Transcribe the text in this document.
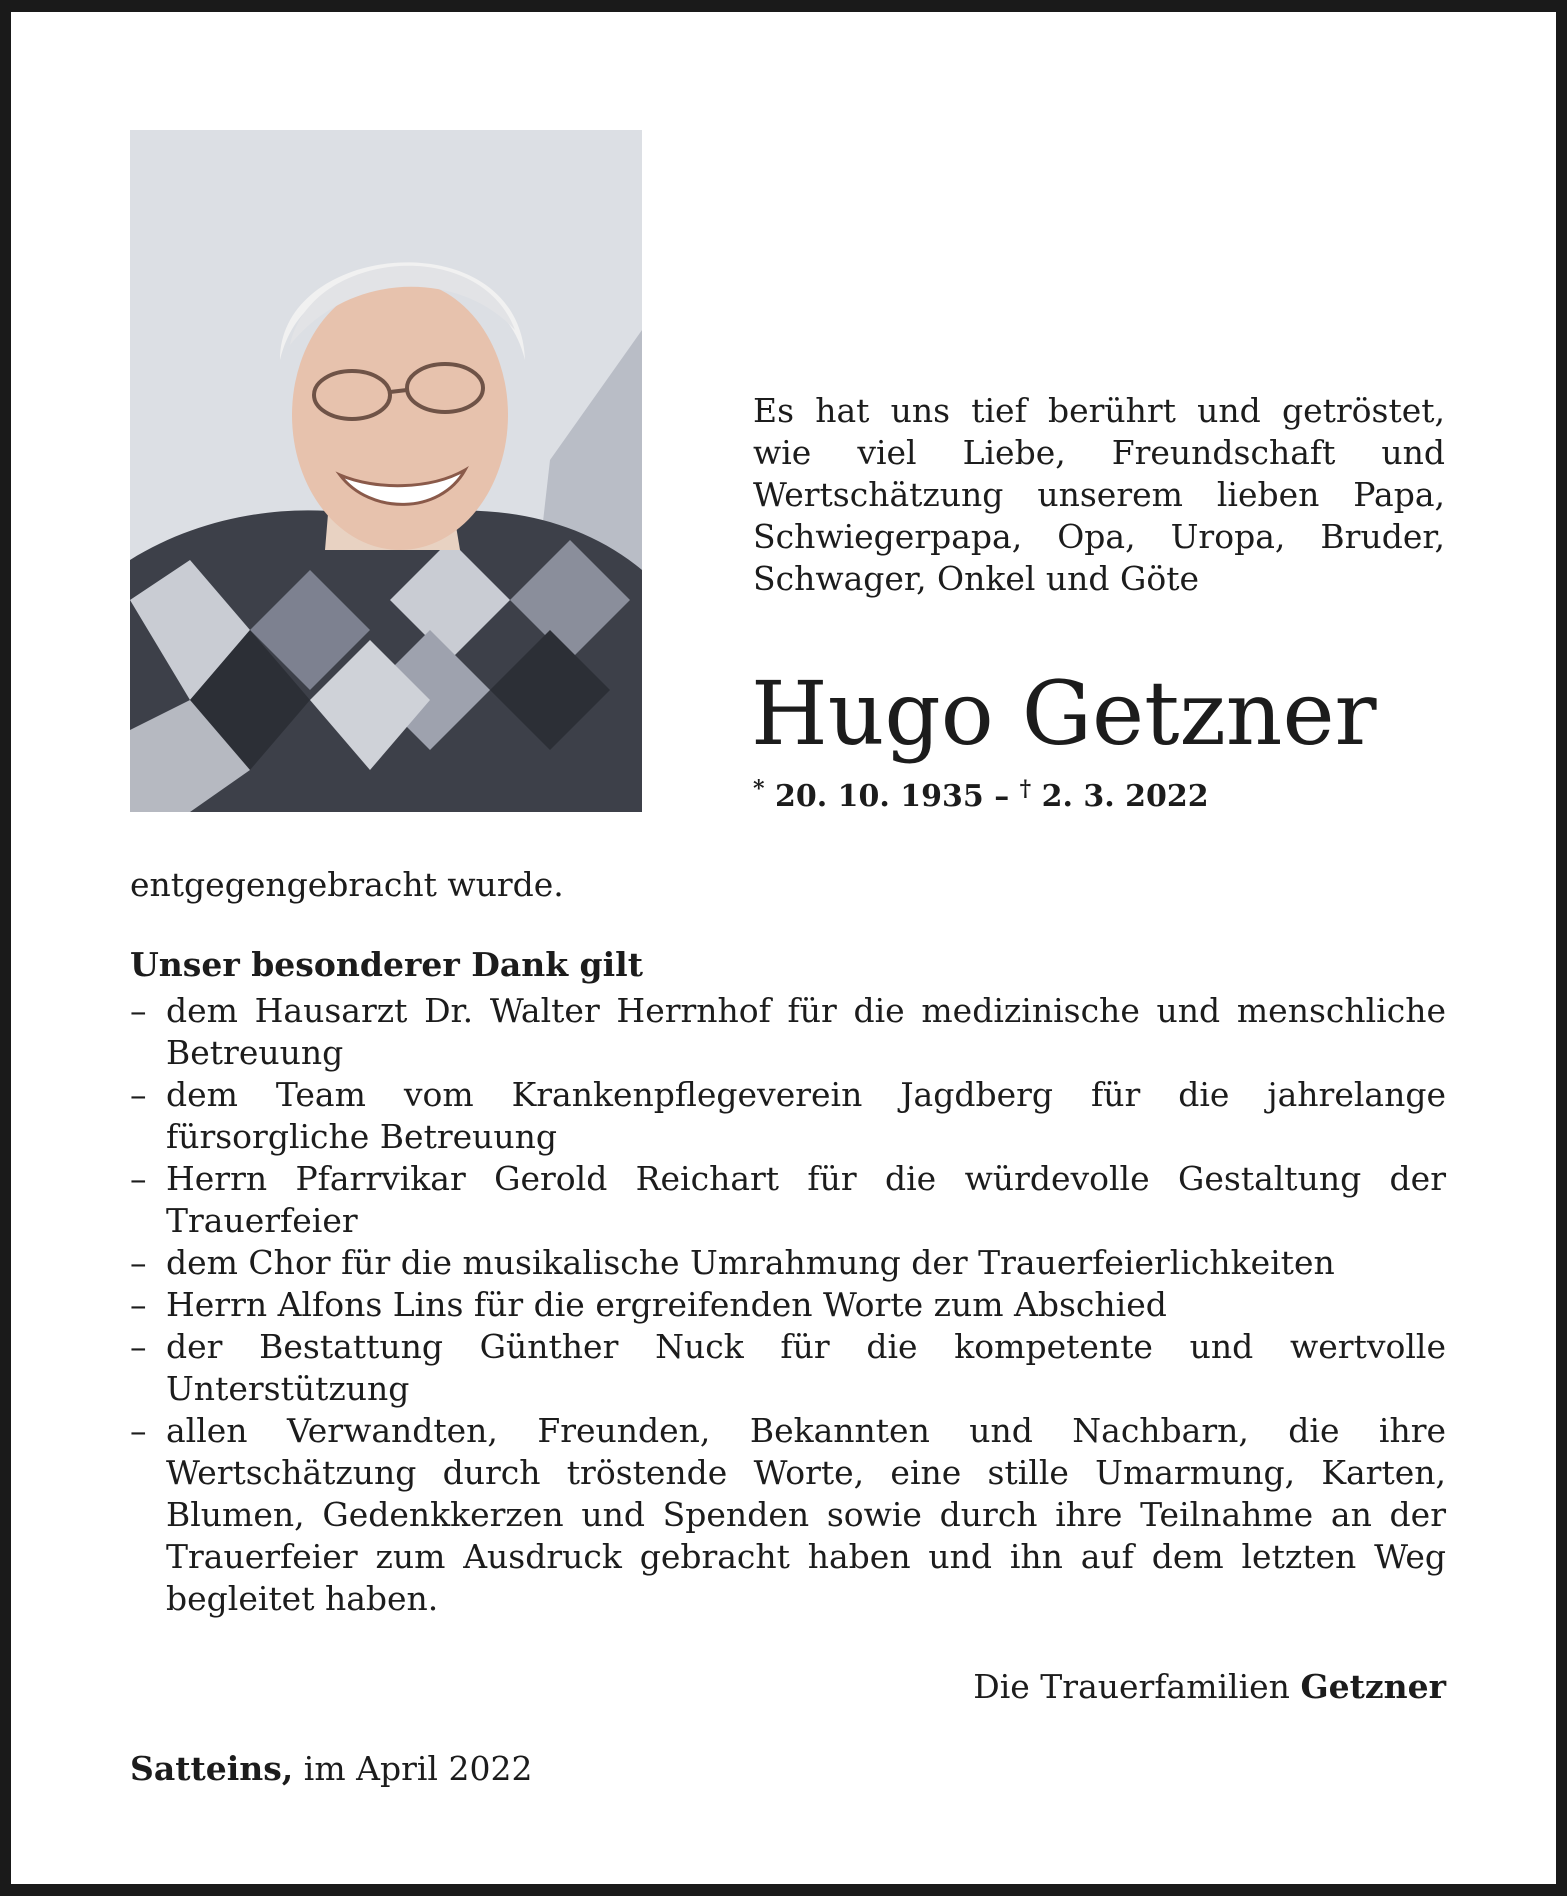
Es hat uns tief berührt und getröstet, wie viel Liebe, Freundschaft und Wertschätzung unserem lieben Papa, Schwiegerpapa, Opa, Uropa, Bruder, Schwager, Onkel und Göte
Hugo Getzner
* 20. 10. 1935 – † 2. 3. 2022
entgegengebracht wurde.
Unser besonderer Dank gilt
– dem Hausarzt Dr. Walter Herrnhof für die medizinische und menschliche Betreuung
– dem Team vom Krankenpflegeverein Jagdberg für die jahrelange fürsorgliche Betreuung
– Herrn Pfarrvikar Gerold Reichart für die würdevolle Gestaltung der Trauerfeier
– dem Chor für die musikalische Umrahmung der Trauerfeierlichkeiten
– Herrn Alfons Lins für die ergreifenden Worte zum Abschied
– der Bestattung Günther Nuck für die kompetente und wertvolle Unterstützung
– allen Verwandten, Freunden, Bekannten und Nachbarn, die ihre Wertschätzung durch tröstende Worte, eine stille Umarmung, Karten, Blumen, Gedenkkerzen und Spenden sowie durch ihre Teilnahme an der Trauerfeier zum Ausdruck gebracht haben und ihn auf dem letzten Weg begleitet haben.
Die Trauerfamilien Getzner
Satteins, im April 2022
